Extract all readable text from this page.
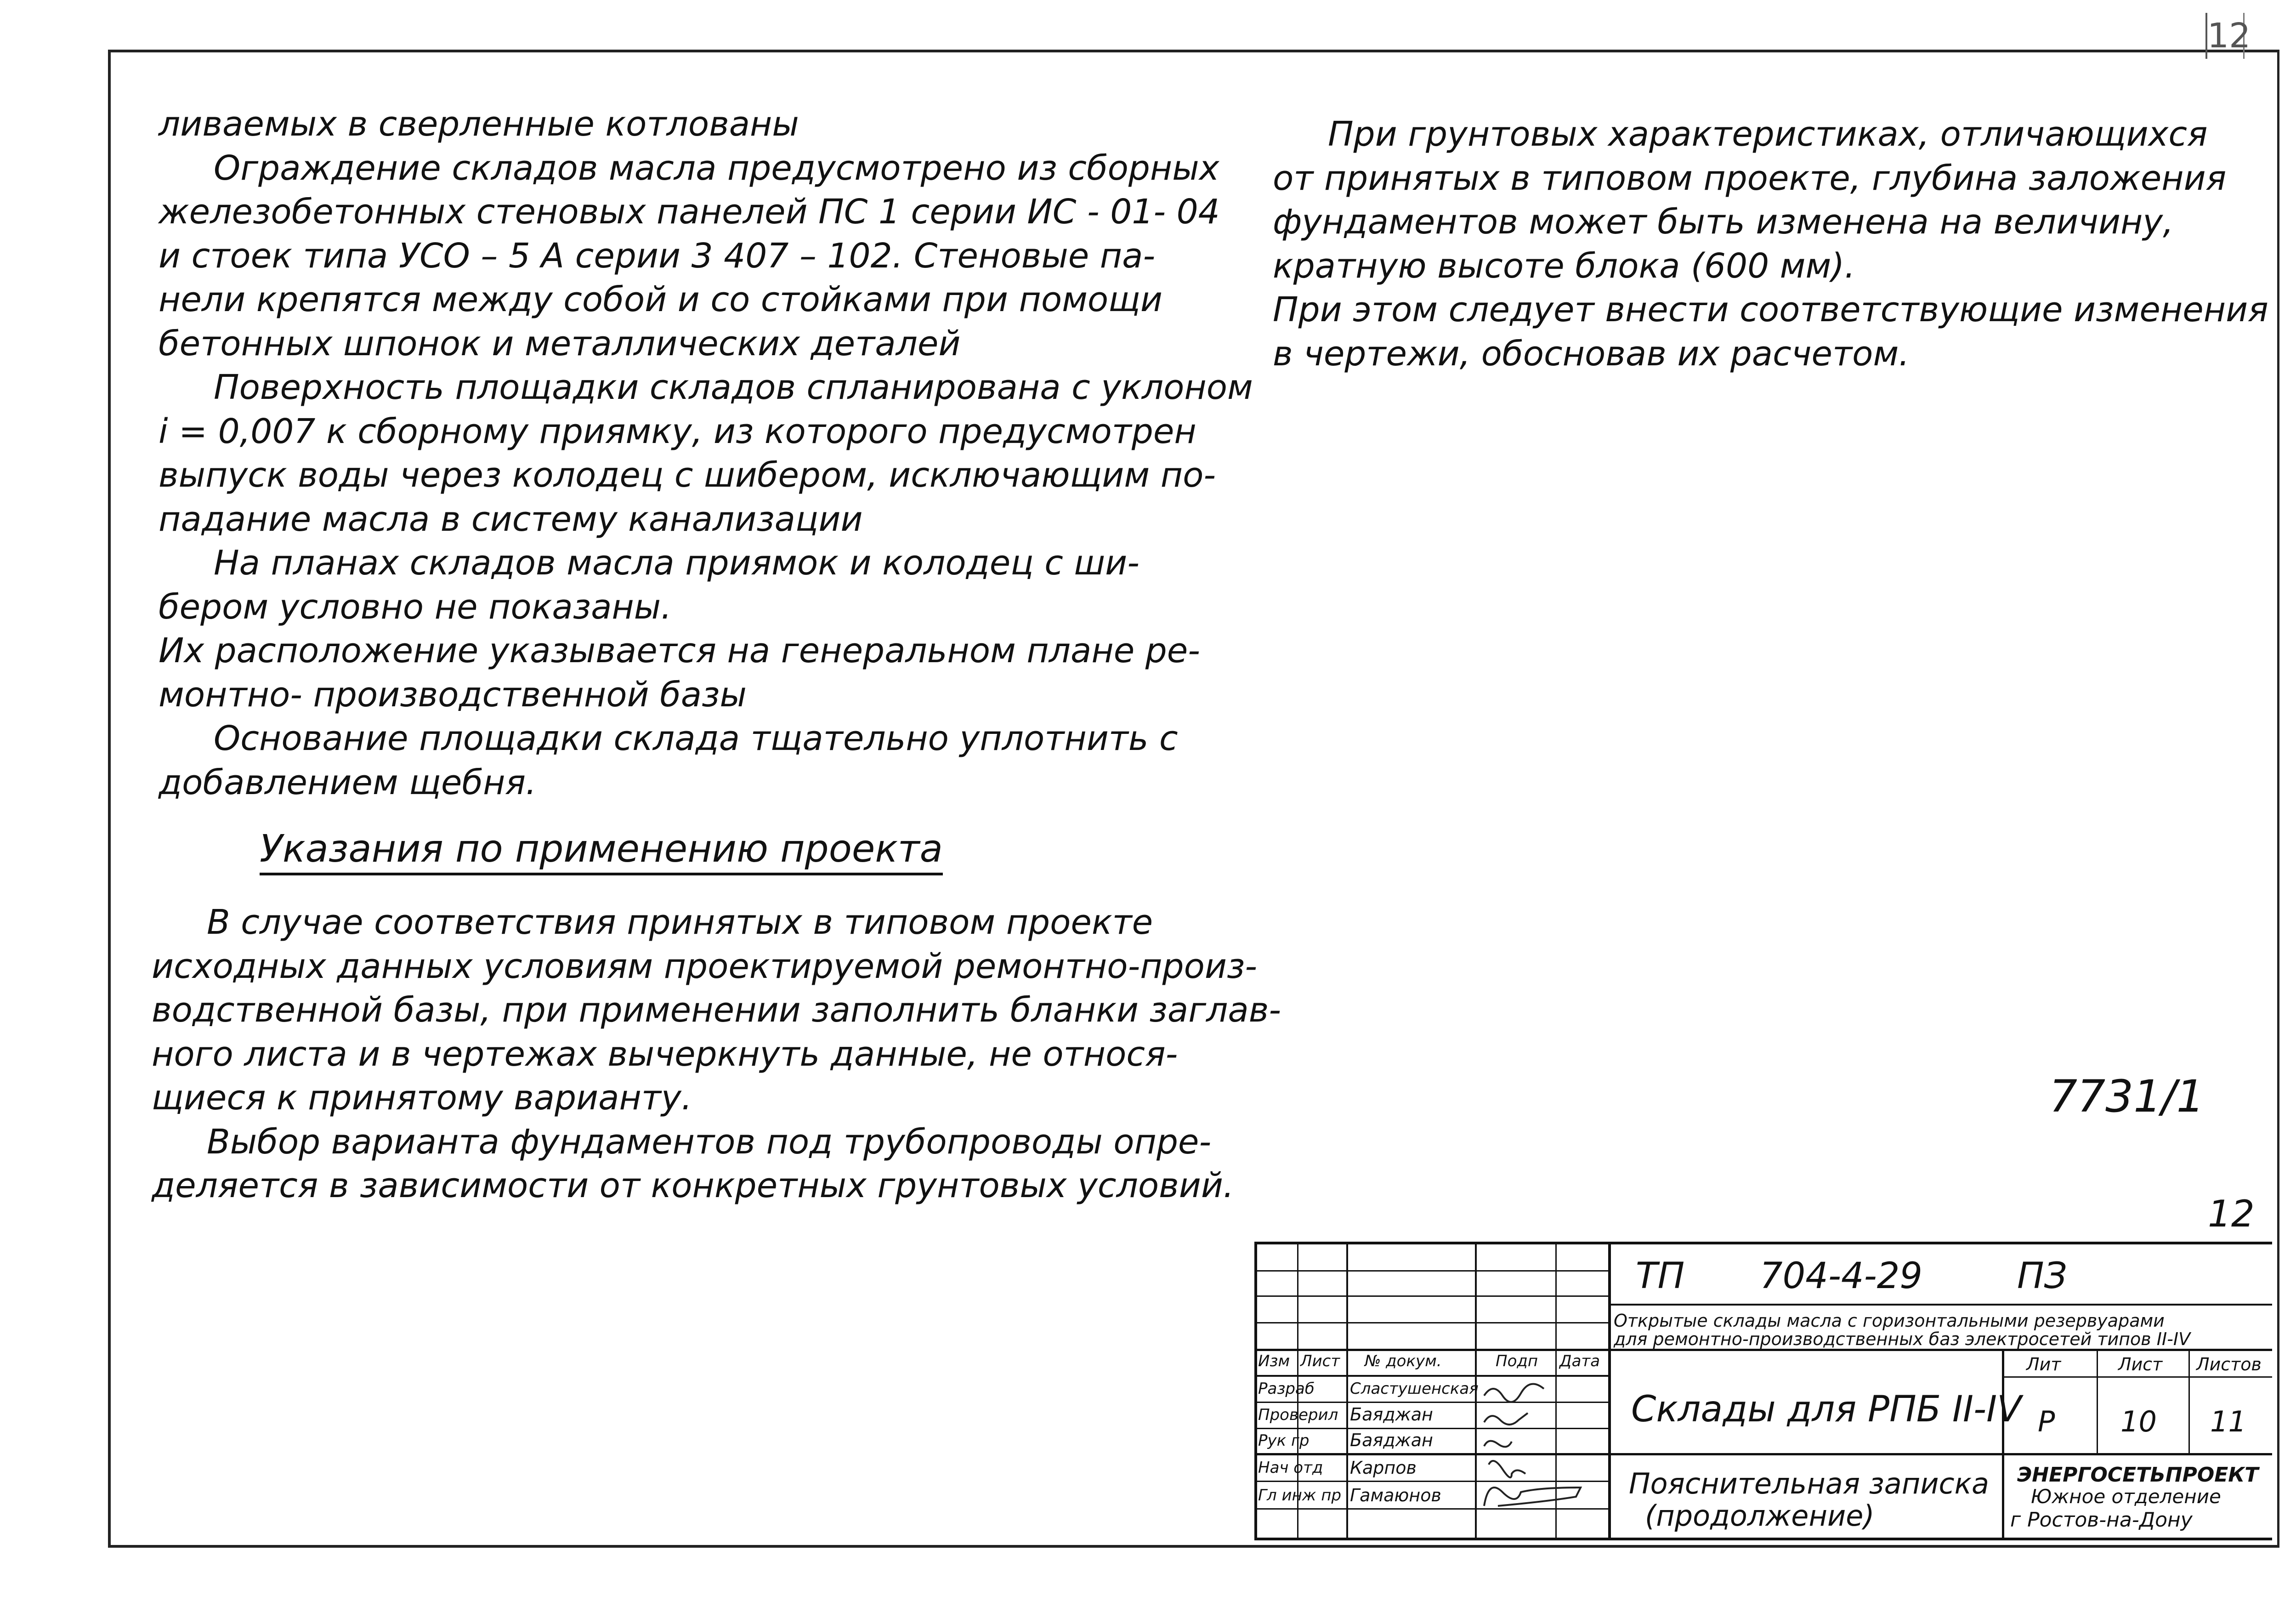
12
ливаемых в сверленные котлованы
Ограждение складов масла предусмотрено из сборных
железобетонных стеновых панелей ПС 1 серии ИС - 01- 04
и стоек типа УСО – 5 А серии 3 407 – 102. Стеновые па-
нели крепятся между собой и со стойками при помощи
бетонных шпонок и металлических деталей
Поверхность площадки складов спланирована с уклоном
i = 0,007 к сборному приямку, из которого предусмотрен
выпуск воды через колодец с шибером, исключающим по-
падание масла в систему канализации
На планах складов масла приямок и колодец с ши-
бером условно не показаны.
Их расположение указывается на генеральном плане ре-
монтно- производственной базы
Основание площадки склада тщательно уплотнить с
добавлением щебня.
Указания по применению проекта
В случае соответствия принятых в типовом проекте
исходных данных условиям проектируемой ремонтно-произ-
водственной базы, при применении заполнить бланки заглав-
ного листа и в чертежах вычеркнуть данные, не относя-
щиеся к принятому варианту.
Выбор варианта фундаментов под трубопроводы опре-
деляется в зависимости от конкретных грунтовых условий.
При грунтовых характеристиках, отличающихся
от принятых в типовом проекте, глубина заложения
фундаментов может быть изменена на величину,
кратную высоте блока (600 мм).
При этом следует внести соответствующие изменения
в чертежи, обосновав их расчетом.
7731/1
12
Изм Лист № докум.	Подп Дата
Разраб Сластушенская
Проверил Баяджан
Рук гр Баяджан
Нач отд Карпов
Гл инж пр Гамаюнов
ТП 704-4-29	ПЗ
Открытые склады масла с горизонтальными резервуарами
для ремонтно-производственных баз электросетей типов II-IV
Склады для РПБ II-IV
Лит	Лист Листов
Р 10 11
Пояснительная записка
(продолжение)
ЭНЕРГОСЕТЬПРОЕКТ
Южное отделение
г Ростов-на-Дону
